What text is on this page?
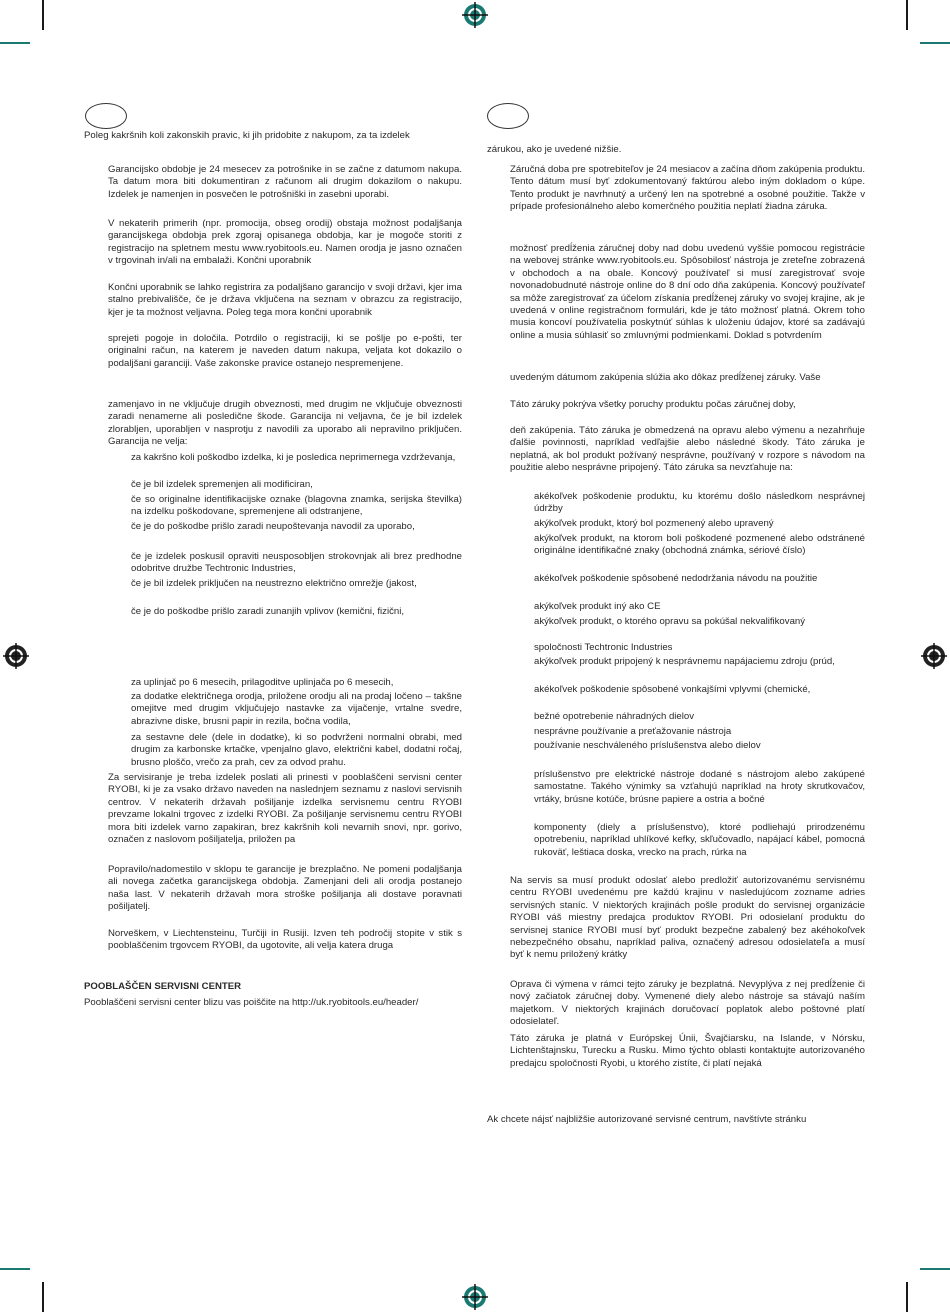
Poleg kakršnih koli zakonskih pravic, ki jih pridobite z nakupom, za ta izdelek

Garancijsko obdobje je 24 mesecev za potrošnike in se začne z datumom nakupa. Ta datum mora biti dokumentiran z računom ali drugim dokazilom o nakupu. Izdelek je namenjen in posvečen le potrošniški in zasebni uporabi.

V nekaterih primerih (npr. promocija, obseg orodij) obstaja možnost podaljšanja garancijskega obdobja prek zgoraj opisanega obdobja, kar je mogoče storiti z registracijo na spletnem mestu www.ryobitools.eu. Namen orodja je jasno označen v trgovinah in/ali na embalaži. Končni uporabnik

Končni uporabnik se lahko registrira za podaljšano garancijo v svoji državi, kjer ima stalno prebivališče, če je država vključena na seznam v obrazcu za registracijo, kjer je ta možnost veljavna. Poleg tega mora končni uporabnik

sprejeti pogoje in določila. Potrdilo o registraciji, ki se pošlje po e-pošti, ter originalni račun, na katerem je naveden datum nakupa, veljata kot dokazilo o podaljšani garanciji. Vaše zakonske pravice ostanejo nespremenjene.

zamenjavo in ne vključuje drugih obveznosti, med drugim ne vključuje obveznosti zaradi nenamerne ali posledične škode. Garancija ni veljavna, če je bil izdelek zlorabljen, uporabljen v nasprotju z navodili za uporabo ali nepravilno priključen. Garancija ne velja:

za kakršno koli poškodbo izdelka, ki je posledica neprimernega vzdrževanja,

če je bil izdelek spremenjen ali modificiran,

če so originalne identifikacijske oznake (blagovna znamka, serijska številka) na izdelku poškodovane, spremenjene ali odstranjene,

če je do poškodbe prišlo zaradi neupoštevanja navodil za uporabo,

če je izdelek poskusil opraviti neusposobljen strokovnjak ali brez predhodne odobritve družbe Techtronic Industries,

če je bil izdelek priključen na neustrezno električno omrežje (jakost,

če je do poškodbe prišlo zaradi zunanjih vplivov (kemični, fizični,

za uplinjač po 6 mesecih, prilagoditve uplinjača po 6 mesecih,

za dodatke električnega orodja, priložene orodju ali na prodaj ločeno – takšne omejitve med drugim vključujejo nastavke za vijačenje, vrtalne svedre, abrazivne diske, brusni papir in rezila, bočna vodila,

za sestavne dele (dele in dodatke), ki so podvrženi normalni obrabi, med drugim za karbonske krtačke, vpenjalno glavo, električni kabel, dodatni ročaj, brusno ploščo, vrečo za prah, cev za odvod prahu.

Za servisiranje je treba izdelek poslati ali prinesti v pooblaščeni servisni center RYOBI, ki je za vsako državo naveden na naslednjem seznamu z naslovi servisnih centrov. V nekaterih državah pošiljanje izdelka servisnemu centru RYOBI prevzame lokalni trgovec z izdelki RYOBI. Za pošiljanje servisnemu centru RYOBI mora biti izdelek varno zapakiran, brez kakršnih koli nevarnih snovi, npr. gorivo, označen z naslovom pošiljatelja, priložen pa

Popravilo/nadomestilo v sklopu te garancije je brezplačno. Ne pomeni podaljšanja ali novega začetka garancijskega obdobja. Zamenjani deli ali orodja postanejo naša last. V nekaterih državah mora stroške pošiljanja ali dostave poravnati pošiljatelj.

Norveškem, v Liechtensteinu, Turčiji in Rusiji. Izven teh področij stopite v stik s pooblaščenim trgovcem RYOBI, da ugotovite, ali velja katera druga

POOBLAŠČEN SERVISNI CENTER

Pooblaščeni servisni center blizu vas poiščite na http://uk.ryobitools.eu/header/

zárukou, ako je uvedené nižšie.

Záručná doba pre spotrebiteľov je 24 mesiacov a začína dňom zakúpenia produktu. Tento dátum musí byť zdokumentovaný faktúrou alebo iným dokladom o kúpe. Tento produkt je navrhnutý a určený len na spotrebné a osobné použitie. Takže v prípade profesionálneho alebo komerčného použitia neplatí žiadna záruka.

možnosť predĺženia záručnej doby nad dobu uvedenú vyššie pomocou registrácie na webovej stránke www.ryobitools.eu. Spôsobilosť nástroja je zreteľne zobrazená v obchodoch a na obale. Koncový používateľ si musí zaregistrovať svoje novonadobudnuté nástroje online do 8 dní odo dňa zakúpenia. Koncový používateľ sa môže zaregistrovať za účelom získania predĺženej záruky vo svojej krajine, ak je uvedená v online registračnom formulári, kde je táto možnosť platná. Okrem toho musia koncoví používatelia poskytnúť súhlas k uloženiu údajov, ktoré sa zadávajú online a musia súhlasiť so zmluvnými podmienkami. Doklad s potvrdením

uvedeným dátumom zakúpenia slúžia ako dôkaz predĺženej záruky. Vaše

Táto záruky pokrýva všetky poruchy produktu počas záručnej doby,

deň zakúpenia. Táto záruka je obmedzená na opravu alebo výmenu a nezahrňuje ďalšie povinnosti, napríklad vedľajšie alebo následné škody. Táto záruka je neplatná, ak bol produkt požívaný nesprávne, používaný v rozpore s návodom na použitie alebo nesprávne pripojený. Táto záruka sa nevzťahuje na:

akékoľvek poškodenie produktu, ku ktorému došlo následkom nesprávnej údržby

akýkoľvek produkt, ktorý bol pozmenený alebo upravený

akýkoľvek produkt, na ktorom boli poškodené pozmenené alebo odstránené originálne identifikačné znaky (obchodná známka, sériové číslo)

akékoľvek poškodenie spôsobené nedodržania návodu na použitie

akýkoľvek produkt iný ako CE

akýkoľvek produkt, o ktorého opravu sa pokúšal nekvalifikovaný

spoločnosti Techtronic Industries

akýkoľvek produkt pripojený k nesprávnemu napájaciemu zdroju (prúd,

akékoľvek poškodenie spôsobené vonkajšími vplyvmi (chemické,

bežné opotrebenie náhradných dielov

nesprávne používanie a preťažovanie nástroja

používanie neschváleného príslušenstva alebo dielov

príslušenstvo pre elektrické nástroje dodané s nástrojom alebo zakúpené samostatne. Takého výnimky sa vzťahujú napríklad na hroty skrutkovačov, vrtáky, brúsne kotúče, brúsne papiere a ostria a bočné

komponenty (diely a príslušenstvo), ktoré podliehajú prirodzenému opotrebeniu, napríklad uhlíkové kefky, skľučovadlo, napájací kábel, pomocná rukoväť, leštiaca doska, vrecko na prach, rúrka na

Na servis sa musí produkt odoslať alebo predložiť autorizovanému servisnému centru RYOBI uvedenému pre každú krajinu v nasledujúcom zozname adries servisných staníc. V niektorých krajinách pošle produkt do servisnej organizácie RYOBI váš miestny predajca produktov RYOBI. Pri odosielaní produktu do servisnej stanice RYOBI musí byť produkt bezpečne zabalený bez akéhokoľvek nebezpečného obsahu, napríklad paliva, označený adresou odosielateľa a musí byť k nemu priložený krátky

Oprava či výmena v rámci tejto záruky je bezplatná. Nevyplýva z nej predĺženie či nový začiatok záručnej doby. Vymenené diely alebo nástroje sa stávajú naším majetkom. V niektorých krajinách doručovací poplatok alebo poštovné platí odosielateľ.

Táto záruka je platná v Európskej Únii, Švajčiarsku, na Islande, v Nórsku, Lichtenštajnsku, Turecku a Rusku. Mimo týchto oblasti kontaktujte autorizovaného predajcu spoločnosti Ryobi, u ktorého zistíte, či platí nejaká

Ak chcete nájsť najbližšie autorizované servisné centrum, navštívte stránku
